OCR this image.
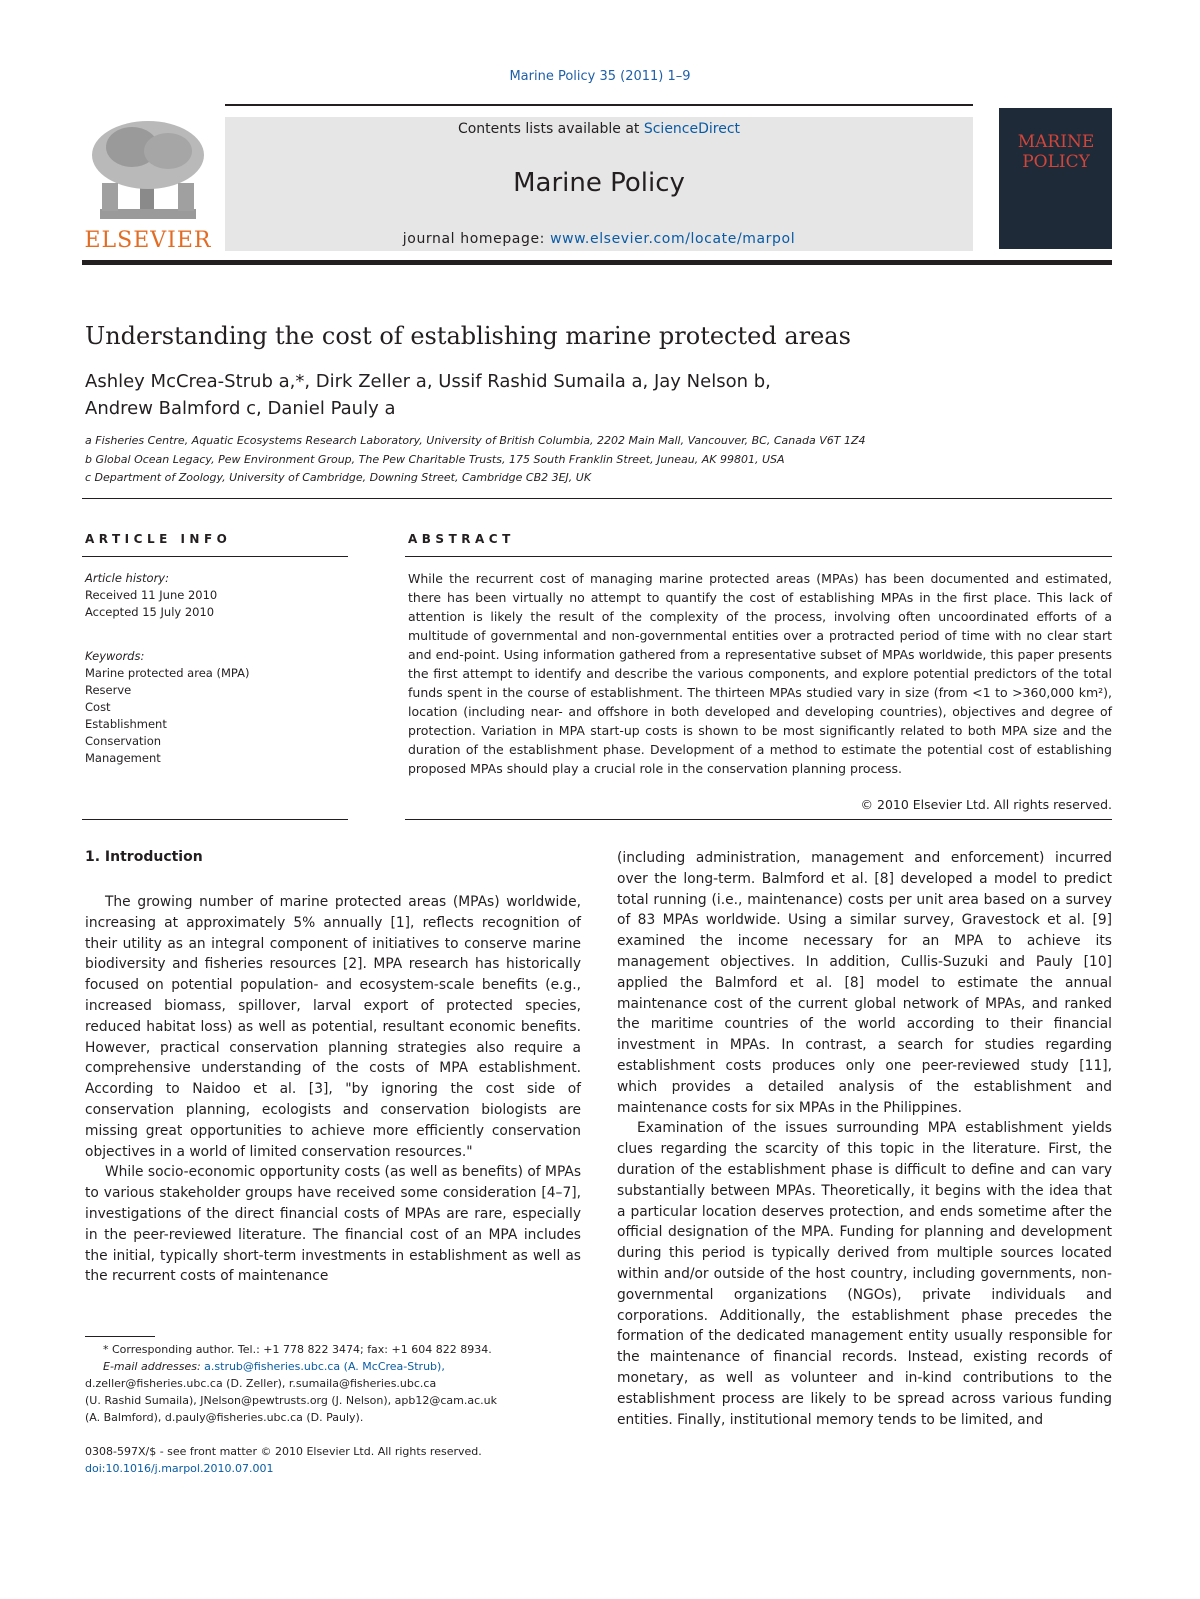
Marine Policy 35 (2011) 1–9
ELSEVIER
Contents lists available at ScienceDirect
Marine Policy
journal homepage: www.elsevier.com/locate/marpol
MARINE POLICY
Understanding the cost of establishing marine protected areas
Ashley McCrea-Strub a,*, Dirk Zeller a, Ussif Rashid Sumaila a, Jay Nelson b,
Andrew Balmford c, Daniel Pauly a
a Fisheries Centre, Aquatic Ecosystems Research Laboratory, University of British Columbia, 2202 Main Mall, Vancouver, BC, Canada V6T 1Z4
b Global Ocean Legacy, Pew Environment Group, The Pew Charitable Trusts, 175 South Franklin Street, Juneau, AK 99801, USA
c Department of Zoology, University of Cambridge, Downing Street, Cambridge CB2 3EJ, UK
ARTICLE INFO
Article history:
Received 11 June 2010
Accepted 15 July 2010
Keywords:
Marine protected area (MPA)
Reserve
Cost
Establishment
Conservation
Management
ABSTRACT
While the recurrent cost of managing marine protected areas (MPAs) has been documented and estimated, there has been virtually no attempt to quantify the cost of establishing MPAs in the first place. This lack of attention is likely the result of the complexity of the process, involving often uncoordinated efforts of a multitude of governmental and non-governmental entities over a protracted period of time with no clear start and end-point. Using information gathered from a representative subset of MPAs worldwide, this paper presents the first attempt to identify and describe the various components, and explore potential predictors of the total funds spent in the course of establishment. The thirteen MPAs studied vary in size (from <1 to >360,000 km²), location (including near- and offshore in both developed and developing countries), objectives and degree of protection. Variation in MPA start-up costs is shown to be most significantly related to both MPA size and the duration of the establishment phase. Development of a method to estimate the potential cost of establishing proposed MPAs should play a crucial role in the conservation planning process.
© 2010 Elsevier Ltd. All rights reserved.
1. Introduction

The growing number of marine protected areas (MPAs) worldwide, increasing at approximately 5% annually [1], reflects recognition of their utility as an integral component of initiatives to conserve marine biodiversity and fisheries resources [2]. MPA research has historically focused on potential population- and ecosystem-scale benefits (e.g., increased biomass, spillover, larval export of protected species, reduced habitat loss) as well as potential, resultant economic benefits. However, practical conservation planning strategies also require a comprehensive understanding of the costs of MPA establishment. According to Naidoo et al. [3], "by ignoring the cost side of conservation planning, ecologists and conservation biologists are missing great opportunities to achieve more efficiently conservation objectives in a world of limited conservation resources."

While socio-economic opportunity costs (as well as benefits) of MPAs to various stakeholder groups have received some consideration [4–7], investigations of the direct financial costs of MPAs are rare, especially in the peer-reviewed literature. The financial cost of an MPA includes the initial, typically short-term investments in establishment as well as the recurrent costs of maintenance

(including administration, management and enforcement) incurred over the long-term. Balmford et al. [8] developed a model to predict total running (i.e., maintenance) costs per unit area based on a survey of 83 MPAs worldwide. Using a similar survey, Gravestock et al. [9] examined the income necessary for an MPA to achieve its management objectives. In addition, Cullis-Suzuki and Pauly [10] applied the Balmford et al. [8] model to estimate the annual maintenance cost of the current global network of MPAs, and ranked the maritime countries of the world according to their financial investment in MPAs. In contrast, a search for studies regarding establishment costs produces only one peer-reviewed study [11], which provides a detailed analysis of the establishment and maintenance costs for six MPAs in the Philippines.

Examination of the issues surrounding MPA establishment yields clues regarding the scarcity of this topic in the literature. First, the duration of the establishment phase is difficult to define and can vary substantially between MPAs. Theoretically, it begins with the idea that a particular location deserves protection, and ends sometime after the official designation of the MPA. Funding for planning and development during this period is typically derived from multiple sources located within and/or outside of the host country, including governments, non-governmental organizations (NGOs), private individuals and corporations. Additionally, the establishment phase precedes the formation of the dedicated management entity usually responsible for the maintenance of financial records. Instead, existing records of monetary, as well as volunteer and in-kind contributions to the establishment process are likely to be spread across various funding entities. Finally, institutional memory tends to be limited, and

* Corresponding author. Tel.: +1 778 822 3474; fax: +1 604 822 8934.
E-mail addresses: a.strub@fisheries.ubc.ca (A. McCrea-Strub),
d.zeller@fisheries.ubc.ca (D. Zeller), r.sumaila@fisheries.ubc.ca
(U. Rashid Sumaila), JNelson@pewtrusts.org (J. Nelson), apb12@cam.ac.uk
(A. Balmford), d.pauly@fisheries.ubc.ca (D. Pauly).
0308-597X/$ - see front matter © 2010 Elsevier Ltd. All rights reserved.
doi:10.1016/j.marpol.2010.07.001
